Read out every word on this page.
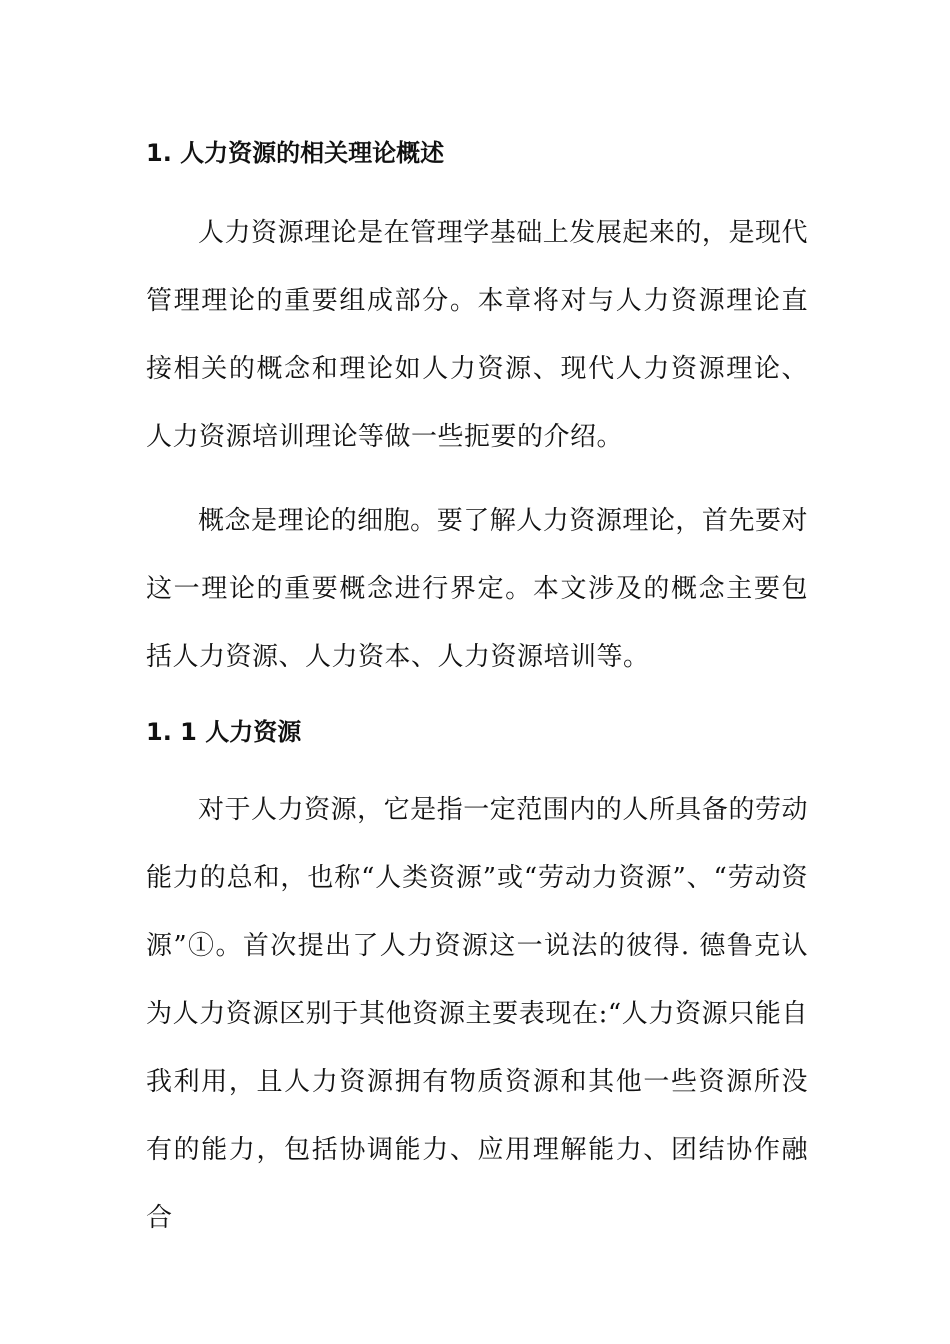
1. 人力资源的相关理论概述

人力资源理论是在管理学基础上发展起来的，是现代管理理论的重要组成部分。本章将对与人力资源理论直接相关的概念和理论如人力资源、现代人力资源理论、人力资源培训理论等做一些扼要的介绍。

概念是理论的细胞。要了解人力资源理论，首先要对这一理论的重要概念进行界定。本文涉及的概念主要包括人力资源、人力资本、人力资源培训等。

1. 1 人力资源

对于人力资源，它是指一定范围内的人所具备的劳动能力的总和，也称“人类资源”或“劳动力资源”、“劳动资源”①。首次提出了人力资源这一说法的彼得. 德鲁克认为人力资源区别于其他资源主要表现在:“人力资源只能自我利用，且人力资源拥有物质资源和其他一些资源所没有的能力，包括协调能力、应用理解能力、团结协作融合
